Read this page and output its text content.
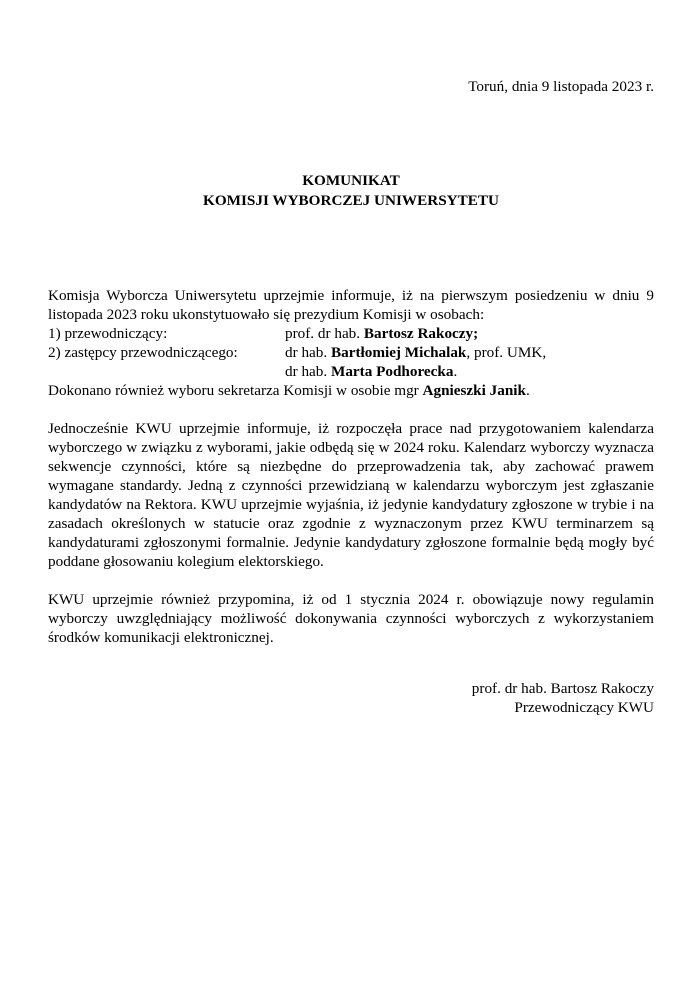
Toruń, dnia 9 listopada 2023 r.
KOMUNIKAT
KOMISJI WYBORCZEJ UNIWERSYTETU

Komisja Wyborcza Uniwersytetu uprzejmie informuje, iż na pierwszym posiedzeniu w dniu 9 listopada 2023 roku ukonstytuowało się prezydium Komisji w osobach:

1) przewodniczący:	prof. dr hab. Bartosz Rakoczy;
2) zastępcy przewodniczącego:	dr hab. Bartłomiej Michalak, prof. UMK,
dr hab. Marta Podhorecka.
Dokonano również wyboru sekretarza Komisji w osobie mgr Agnieszki Janik.

Jednocześnie KWU uprzejmie informuje, iż rozpoczęła prace nad przygotowaniem kalendarza wyborczego w związku z wyborami, jakie odbędą się w 2024 roku. Kalendarz wyborczy wyznacza sekwencje czynności, które są niezbędne do przeprowadzenia tak, aby zachować prawem wymagane standardy. Jedną z czynności przewidzianą w kalendarzu wyborczym jest zgłaszanie kandydatów na Rektora. KWU uprzejmie wyjaśnia, iż jedynie kandydatury zgłoszone w trybie i na zasadach określonych w statucie oraz zgodnie z wyznaczonym przez KWU terminarzem są kandydaturami zgłoszonymi formalnie. Jedynie kandydatury zgłoszone formalnie będą mogły być poddane głosowaniu kolegium elektorskiego.

KWU uprzejmie również przypomina, iż od 1 stycznia 2024 r. obowiązuje nowy regulamin wyborczy uwzględniający możliwość dokonywania czynności wyborczych z wykorzystaniem środków komunikacji elektronicznej.

prof. dr hab. Bartosz Rakoczy
Przewodniczący KWU
